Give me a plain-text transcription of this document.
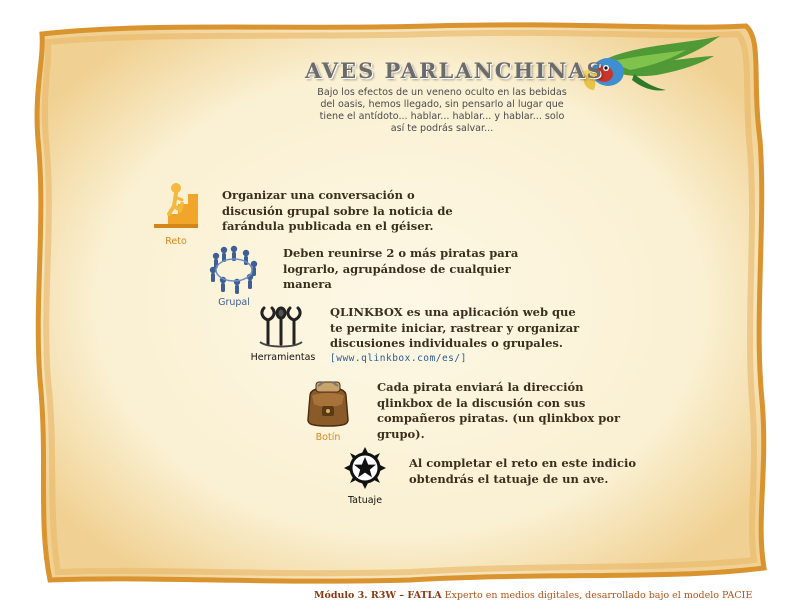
AVES PARLANCHINAS
Bajo los efectos de un veneno oculto en las bebidas del oasis, hemos llegado, sin pensarlo al lugar que tiene el antídoto... hablar... hablar... y hablar... solo así te podrás salvar...
Reto
Organizar una conversación o discusión grupal sobre la noticia de farándula publicada en el géiser.
Grupal
Deben reunirse 2 o más piratas para lograrlo, agrupándose de cualquier manera
Herramientas
QLINKBOX es una aplicación web que te permite iniciar, rastrear y organizar discusiones individuales o grupales.
[www.qlinkbox.com/es/]
Botín
Cada pirata enviará la dirección qlinkbox de la discusión con sus compañeros piratas. (un qlinkbox por grupo).
Tatuaje
Al completar el reto en este indicio obtendrás el tatuaje de un ave.
Módulo 3. R3W – FATLA Experto en medios digitales, desarrollado bajo el modelo PACIE
